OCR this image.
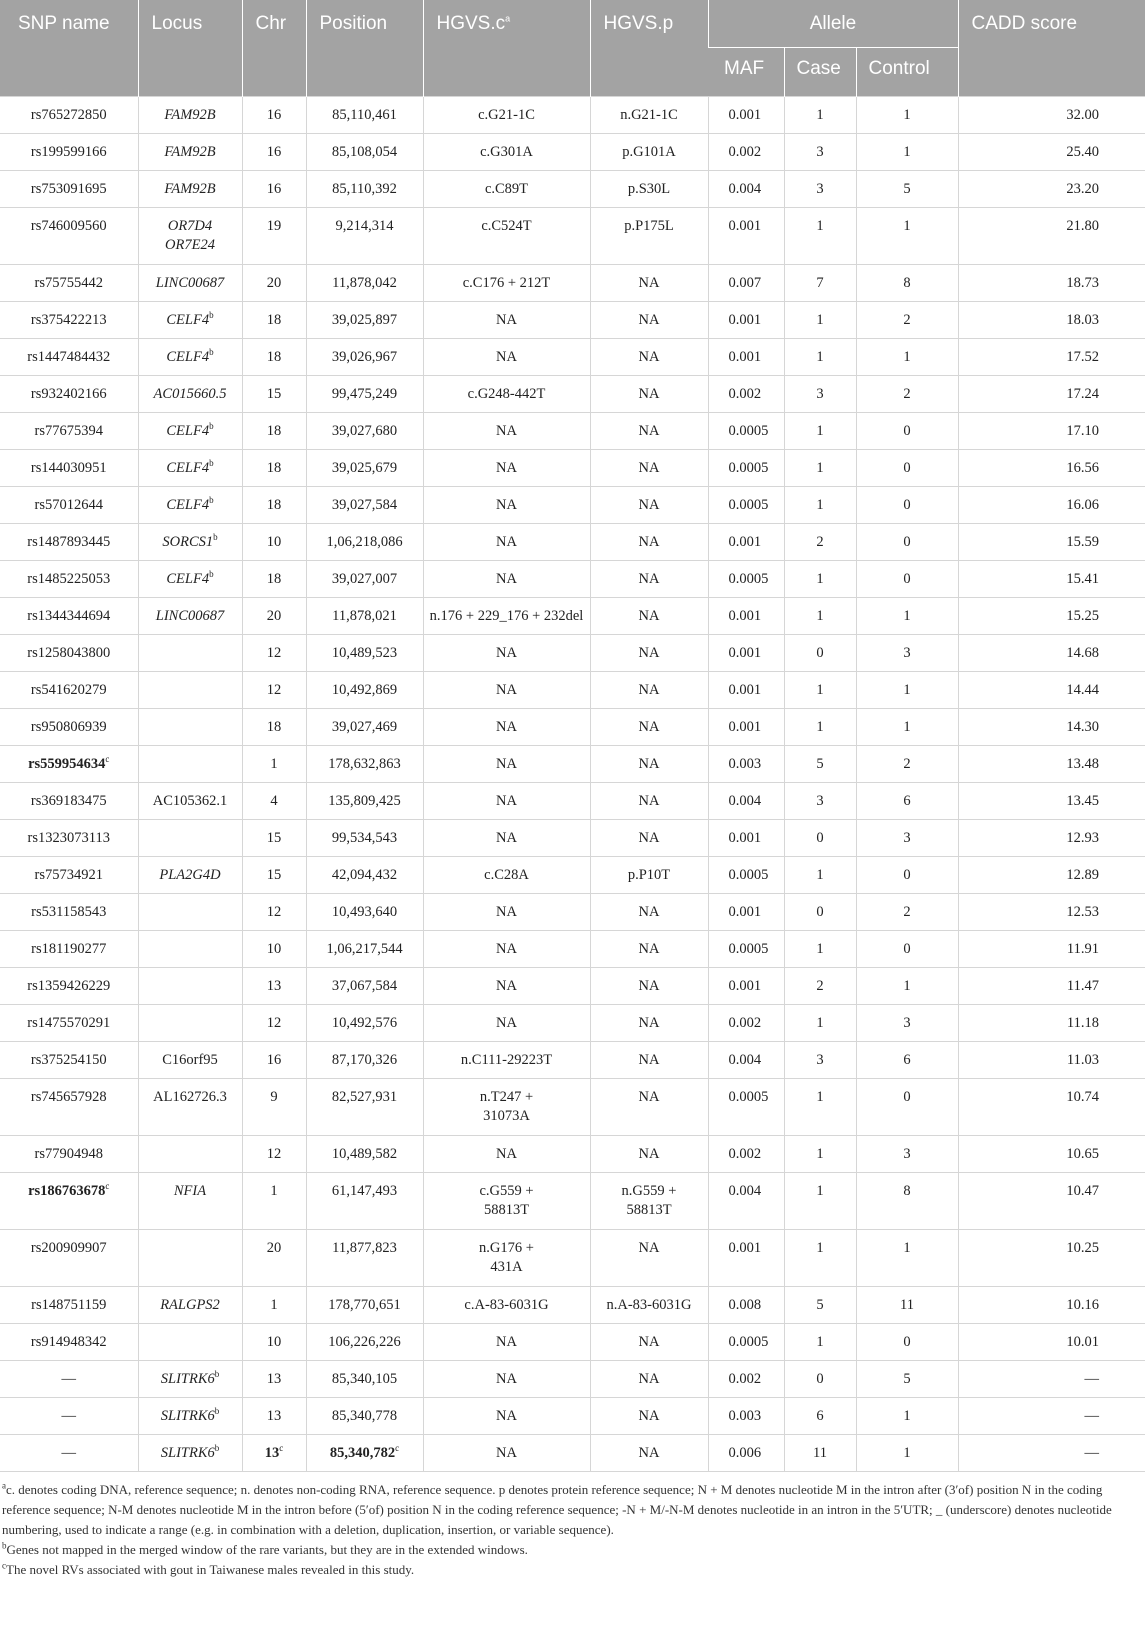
SNP name	Locus	Chr	Position	$HGVS.c^a$	HGVS.p	Allele			CADD score
						MAF	Case	Control	
rs765272850	FAM92B	16	85,110,461	c.G21-1C	n.G21-1C	0.001	1	1	32.00
rs199599166	FAM92B	16	85,108,054	c.G301A	p.G101A	0.002	3	1	25.40
rs753091695	FAM92B	16	85,110,392	c.C89T	p.S30L	0.004	3	5	23.20
rs746009560	OR7D4
OR7E24	19	9,214,314	c.C524T	p.P175L	0.001	1	1	21.80
rs75755442	LINC00687	20	11,878,042	c.C176 + 212T	NA	0.007	7	8	18.73
rs375422213	CELF4$^b$	18	39,025,897	NA	NA	0.001	1	2	18.03
rs1447484432	CELF4$^b$	18	39,026,967	NA	NA	0.001	1	1	17.52
rs932402166	AC015660.5	15	99,475,249	c.G248-442T	NA	0.002	3	2	17.24
rs77675394	CELF4$^b$	18	39,027,680	NA	NA	0.0005	1	0	17.10
rs144030951	CELF4$^b$	18	39,025,679	NA	NA	0.0005	1	0	16.56
rs57012644	CELF4$^b$	18	39,027,584	NA	NA	0.0005	1	0	16.06
rs1487893445	SORCS1$^b$	10	1,06,218,086	NA	NA	0.001	2	0	15.59
rs1485225053	CELF4$^b$	18	39,027,007	NA	NA	0.0005	1	0	15.41
rs1344344694	LINC00687	20	11,878,021	n.176 + 229_176 + 232del	NA	0.001	1	1	15.25
rs1258043800		12	10,489,523	NA	NA	0.001	0	3	14.68
rs541620279		12	10,492,869	NA	NA	0.001	1	1	14.44
rs950806939		18	39,027,469	NA	NA	0.001	1	1	14.30
rs559954634$^c$		1	178,632,863	NA	NA	0.003	5	2	13.48
rs369183475	AC105362.1	4	135,809,425	NA	NA	0.004	3	6	13.45
rs1323073113		15	99,534,543	NA	NA	0.001	0	3	12.93
rs75734921	PLA2G4D	15	42,094,432	c.C28A	p.P10T	0.0005	1	0	12.89
rs531158543		12	10,493,640	NA	NA	0.001	0	2	12.53
rs181190277		10	1,06,217,544	NA	NA	0.0005	1	0	11.91
rs1359426229		13	37,067,584	NA	NA	0.001	2	1	11.47
rs1475570291		12	10,492,576	NA	NA	0.002	1	3	11.18
rs375254150	C16orf95	16	87,170,326	n.C111-29223T	NA	0.004	3	6	11.03
rs745657928	AL162726.3	9	82,527,931	n.T247 +
31073A	NA	0.0005	1	0	10.74
rs77904948		12	10,489,582	NA	NA	0.002	1	3	10.65
rs186763678$^c$	NFIA	1	61,147,493	c.G559 +
58813T	n.G559 +
58813T	0.004	1	8	10.47
rs200909907		20	11,877,823	n.G176 +
431A	NA	0.001	1	1	10.25
rs148751159	RALGPS2	1	178,770,651	c.A-83-6031G	n.A-83-6031G	0.008	5	11	10.16
rs914948342		10	106,226,226	NA	NA	0.0005	1	0	10.01
—	SLITRK6$^b$	13	85,340,105	NA	NA	0.002	0	5	—
—	SLITRK6$^b$	13	85,340,778	NA	NA	0.003	6	1	—
—	SLITRK6$^b$	13$^c$	85,340,782$^c$	NA	NA	0.006	11	1	—

$^a$c. denotes coding DNA, reference sequence; n. denotes non-coding RNA, reference sequence. p denotes protein reference sequence; N + M denotes nucleotide M in the intron after (3′of) position N in the coding reference sequence; N-M denotes nucleotide M in the intron before (5′of) position N in the coding reference sequence; -N + M/-N-M denotes nucleotide in an intron in the 5′UTR; _ (underscore) denotes nucleotide numbering, used to indicate a range (e.g. in combination with a deletion, duplication, insertion, or variable sequence).

$^b$Genes not mapped in the merged window of the rare variants, but they are in the extended windows.

$^c$The novel RVs associated with gout in Taiwanese males revealed in this study.
